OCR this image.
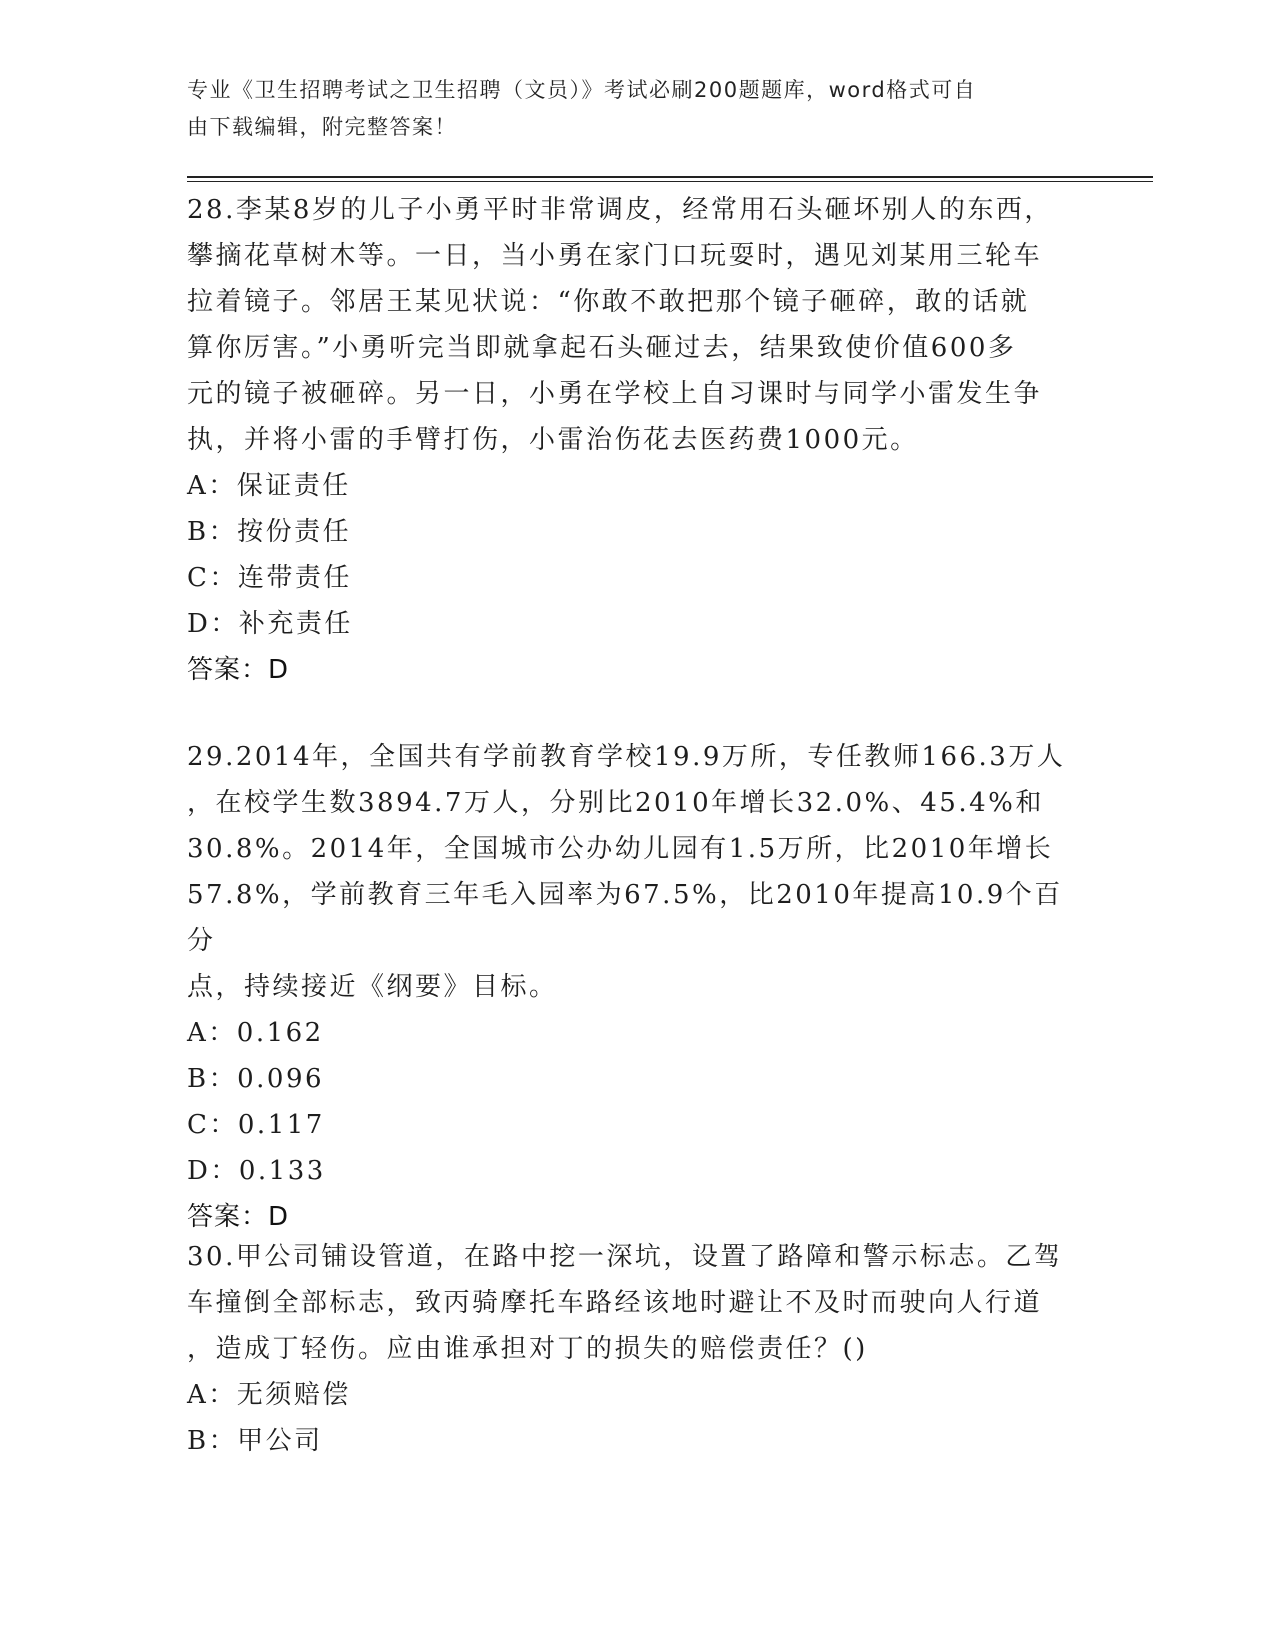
专业《卫生招聘考试之卫生招聘（文员）》考试必刷200题题库，word格式可自
由下载编辑，附完整答案！

28.李某8岁的儿子小勇平时非常调皮，经常用石头砸坏别人的东西，

攀摘花草树木等。一日，当小勇在家门口玩耍时，遇见刘某用三轮车

拉着镜子。邻居王某见状说：“你敢不敢把那个镜子砸碎，敢的话就

算你厉害。”小勇听完当即就拿起石头砸过去，结果致使价值600多

元的镜子被砸碎。另一日，小勇在学校上自习课时与同学小雷发生争

执，并将小雷的手臂打伤，小雷治伤花去医药费1000元。

A：保证责任

B：按份责任

C：连带责任

D：补充责任

答案：D

29.2014年，全国共有学前教育学校19.9万所，专任教师166.3万人

，在校学生数3894.7万人，分别比2010年增长32.0%、45.4%和

30.8%。2014年，全国城市公办幼儿园有1.5万所，比2010年增长

57.8%，学前教育三年毛入园率为67.5%，比2010年提高10.9个百分

点，持续接近《纲要》目标。

A：0.162

B：0.096

C：0.117

D：0.133

答案：D

30.甲公司铺设管道，在路中挖一深坑，设置了路障和警示标志。乙驾

车撞倒全部标志，致丙骑摩托车路经该地时避让不及时而驶向人行道

，造成丁轻伤。应由谁承担对丁的损失的赔偿责任？()

A：无须赔偿

B：甲公司
